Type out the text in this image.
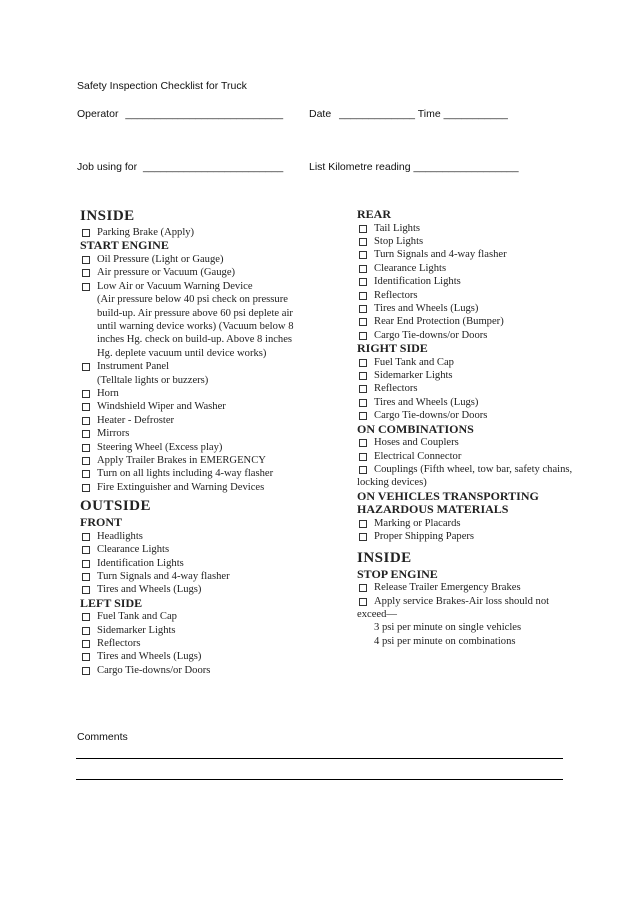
Safety Inspection Checklist for Truck
Operator ___________________________ Date _____________ Time ___________
Job using for ________________________ List Kilometre reading __________________
INSIDE
Parking Brake (Apply)
START ENGINE
Oil Pressure (Light or Gauge)
Air pressure or Vacuum (Gauge)
Low Air or Vacuum Warning Device
(Air pressure below 40 psi check on pressure
build-up. Air pressure above 60 psi deplete air
until warning device works) (Vacuum below 8
inches Hg. check on build-up. Above 8 inches
Hg. deplete vacuum until device works)
Instrument Panel
(Telltale lights or buzzers)
Horn
Windshield Wiper and Washer
Heater - Defroster
Mirrors
Steering Wheel (Excess play)
Apply Trailer Brakes in EMERGENCY
Turn on all lights including 4-way flasher
Fire Extinguisher and Warning Devices
OUTSIDE
FRONT
Headlights
Clearance Lights
Identification Lights
Turn Signals and 4-way flasher
Tires and Wheels (Lugs)
LEFT SIDE
Fuel Tank and Cap
Sidemarker Lights
Reflectors
Tires and Wheels (Lugs)
Cargo Tie-downs/or Doors
REAR
Tail Lights
Stop Lights
Turn Signals and 4-way flasher
Clearance Lights
Identification Lights
Reflectors
Tires and Wheels (Lugs)
Rear End Protection (Bumper)
Cargo Tie-downs/or Doors
RIGHT SIDE
Fuel Tank and Cap
Sidemarker Lights
Reflectors
Tires and Wheels (Lugs)
Cargo Tie-downs/or Doors
ON COMBINATIONS
Hoses and Couplers
Electrical Connector
Couplings (Fifth wheel, tow bar, safety chains,
locking devices)
ON VEHICLES TRANSPORTING
HAZARDOUS MATERIALS
Marking or Placards
Proper Shipping Papers
INSIDE
STOP ENGINE
Release Trailer Emergency Brakes
Apply service Brakes-Air loss should not
exceed—
3 psi per minute on single vehicles
4 psi per minute on combinations
Comments
